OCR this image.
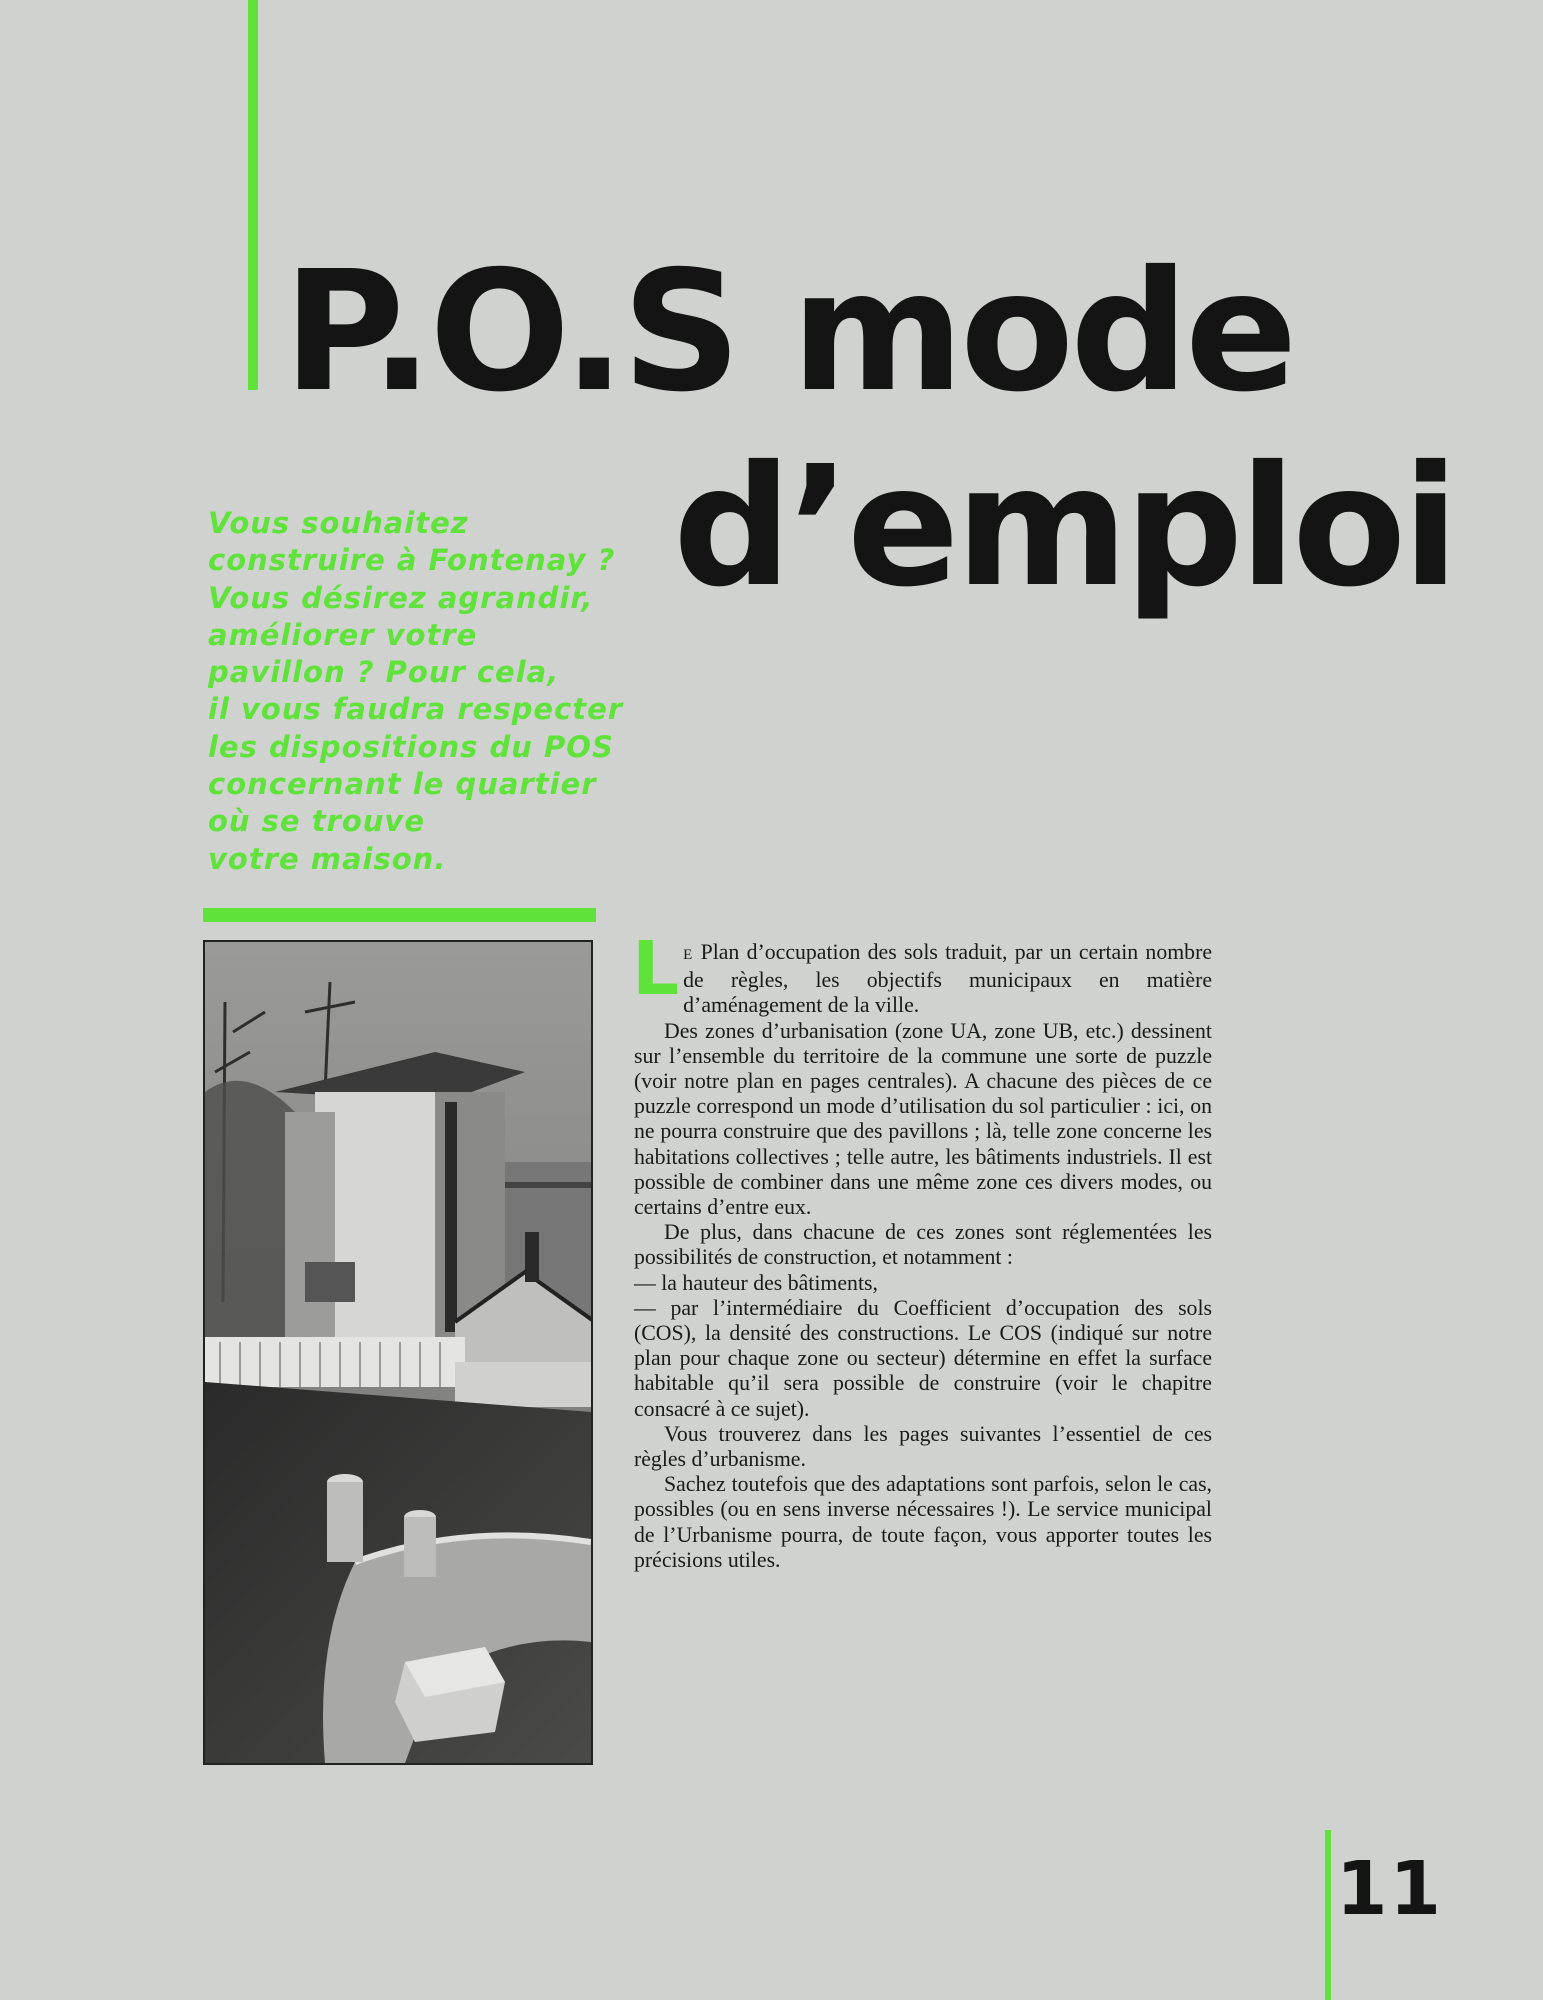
P.O.S mode
d’emploi

Vous souhaitez
construire à Fontenay ?
Vous désirez agrandir,
améliorer votre
pavillon ? Pour cela,
il vous faudra respecter
les dispositions du POS
concernant le quartier
où se trouve
votre maison.

L E Plan d’occupation des sols traduit, par un certain nombre de règles, les objectifs municipaux en matière d’aménagement de la ville.

Des zones d’urbanisation (zone UA, zone UB, etc.) dessinent sur l’ensemble du territoire de la commune une sorte de puzzle (voir notre plan en pages centrales). A chacune des pièces de ce puzzle correspond un mode d’utilisation du sol particulier : ici, on ne pourra construire que des pavillons ; là, telle zone concerne les habitations collectives ; telle autre, les bâtiments industriels. Il est possible de combiner dans une même zone ces divers modes, ou certains d’entre eux.

De plus, dans chacune de ces zones sont réglementées les possibilités de construction, et notamment :

— la hauteur des bâtiments,

— par l’intermédiaire du Coefficient d’occupation des sols (COS), la densité des constructions. Le COS (indiqué sur notre plan pour chaque zone ou secteur) détermine en effet la surface habitable qu’il sera possible de construire (voir le chapitre consacré à ce sujet).

Vous trouverez dans les pages suivantes l’essentiel de ces règles d’urbanisme.

Sachez toutefois que des adaptations sont parfois, selon le cas, possibles (ou en sens inverse nécessaires !). Le service municipal de l’Urbanisme pourra, de toute façon, vous apporter toutes les précisions utiles.

11
